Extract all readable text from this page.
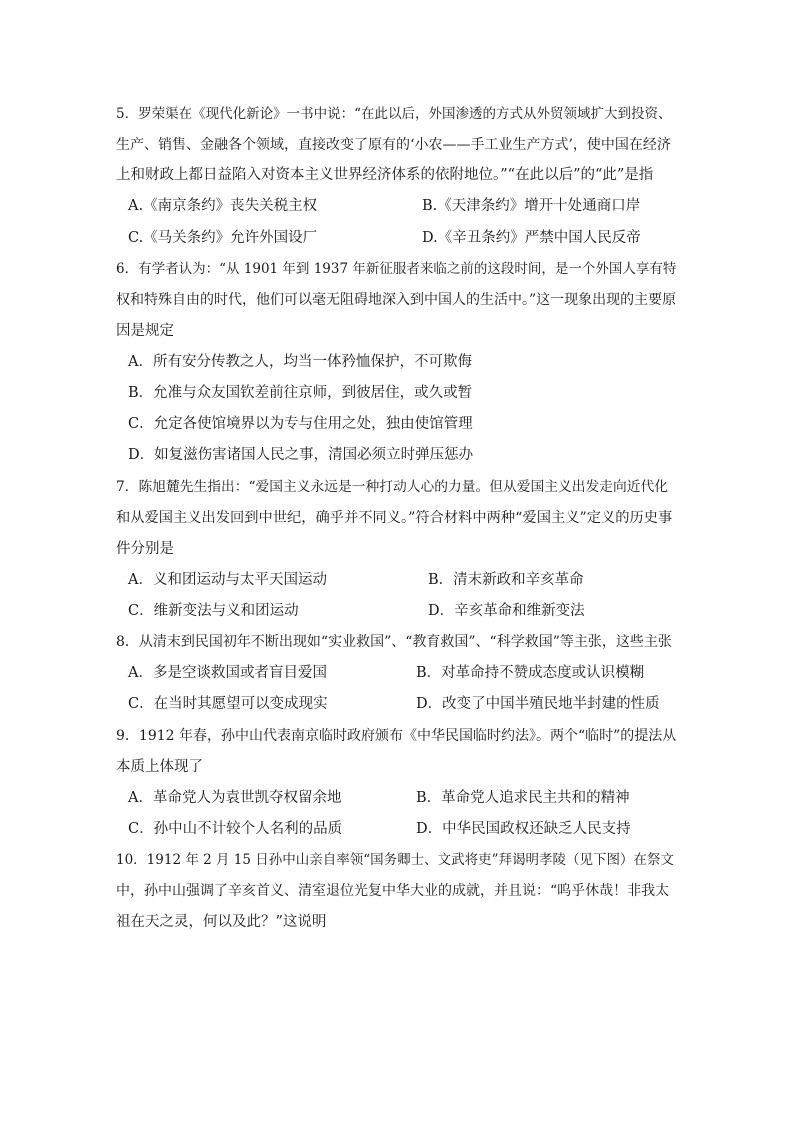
5．罗荣渠在《现代化新论》一书中说：“在此以后，外国渗透的方式从外贸领域扩大到投资、
生产、销售、金融各个领域，直接改变了原有的‘小农——手工业生产方式’，使中国在经济
上和财政上都日益陷入对资本主义世界经济体系的依附地位。”“在此以后”的“此”是指
A.《南京条约》丧失关税主权	B.《天津条约》增开十处通商口岸
C.《马关条约》允许外国设厂	D.《辛丑条约》严禁中国人民反帝
6．有学者认为：“从 1901 年到 1937 年新征服者来临之前的这段时间，是一个外国人享有特
权和特殊自由的时代，他们可以毫无阻碍地深入到中国人的生活中。”这一现象出现的主要原
因是规定
A．所有安分传教之人，均当一体矜恤保护，不可欺侮
B．允准与众友国钦差前往京师，到彼居住，或久或暂
C．允定各使馆境界以为专与住用之处，独由使馆管理
D．如复滋伤害诸国人民之事，清国必须立时弹压惩办
7．陈旭麓先生指出：“爱国主义永远是一种打动人心的力量。但从爱国主义出发走向近代化
和从爱国主义出发回到中世纪，确乎并不同义。”符合材料中两种“爱国主义”定义的历史事
件分别是
A．义和团运动与太平天国运动	B．清末新政和辛亥革命
C．维新变法与义和团运动	D．辛亥革命和维新变法
8．从清末到民国初年不断出现如“实业救国”、“教育救国”、“科学救国”等主张，这些主张
A．多是空谈救国或者盲目爱国	B．对革命持不赞成态度或认识模糊
C．在当时其愿望可以变成现实	D．改变了中国半殖民地半封建的性质
9．1912 年春，孙中山代表南京临时政府颁布《中华民国临时约法》。两个“临时”的提法从
本质上体现了
A．革命党人为袁世凯夺权留余地	B．革命党人追求民主共和的精神
C．孙中山不计较个人名利的品质	D．中华民国政权还缺乏人民支持
10．1912 年 2 月 15 日孙中山亲自率领“国务卿士、文武将吏”拜谒明孝陵（见下图）在祭文
中，孙中山强调了辛亥首义、清室退位光复中华大业的成就，并且说：“呜乎休哉！非我太
祖在天之灵，何以及此？”这说明
